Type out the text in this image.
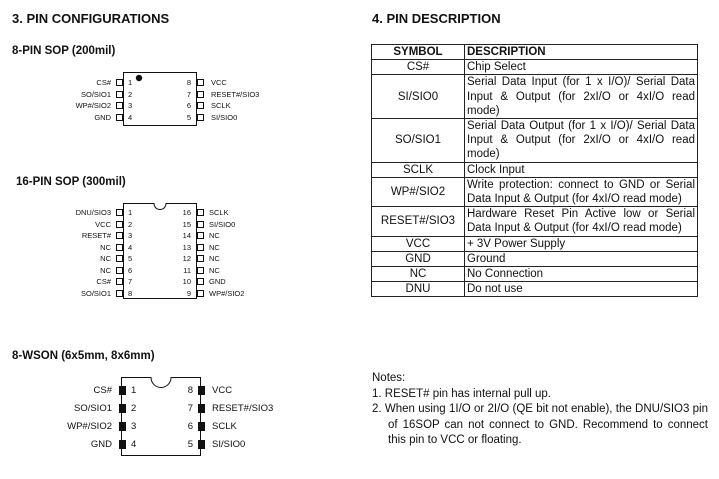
3. PIN CONFIGURATIONS
8-PIN SOP (200mil)
CS# 1
SO/SIO1 2
WP#/SIO2 3
GND 4
VCC
8
RESET#/SIO3
7
SCLK
6
SI/SIO0
5
16-PIN SOP (300mil)
DNU/SIO3 1
VCC 2
RESET# 3
NC 4
NC 5
NC 6
CS# 7
SO/SIO1 8
SCLK
16
SI/SIO0
15
NC
14
NC
13
NC
12
NC
11
GND
10
WP#/SIO2
9
8-WSON (6x5mm, 8x6mm)
CS# 1
SO/SIO1 2
WP#/SIO2 3
GND 4
VCC
8
RESET#/SIO3
7
SCLK
6
SI/SIO0
5
4. PIN DESCRIPTION
SYMBOL	DESCRIPTION
CS#	Chip Select
SI/SIO0	Serial Data Input (for 1 x I/O)/ Serial Data Input & Output (for 2xI/O or 4xI/O read mode)
SO/SIO1	Serial Data Output (for 1 x I/O)/ Serial Data Input & Output (for 2xI/O or 4xI/O read mode)
SCLK	Clock Input
WP#/SIO2	Write protection: connect to GND or Serial Data Input & Output (for 4xI/O read mode)
RESET#/SIO3	Hardware Reset Pin Active low or Serial Data Input & Output (for 4xI/O read mode)
VCC	+ 3V Power Supply
GND	Ground
NC	No Connection
DNU	Do not use
Notes:
1. RESET# pin has internal pull up.
2. When using 1I/O or 2I/O (QE bit not enable), the DNU/SIO3 pin of 16SOP can not connect to GND. Recommend to connect this pin to VCC or floating.
